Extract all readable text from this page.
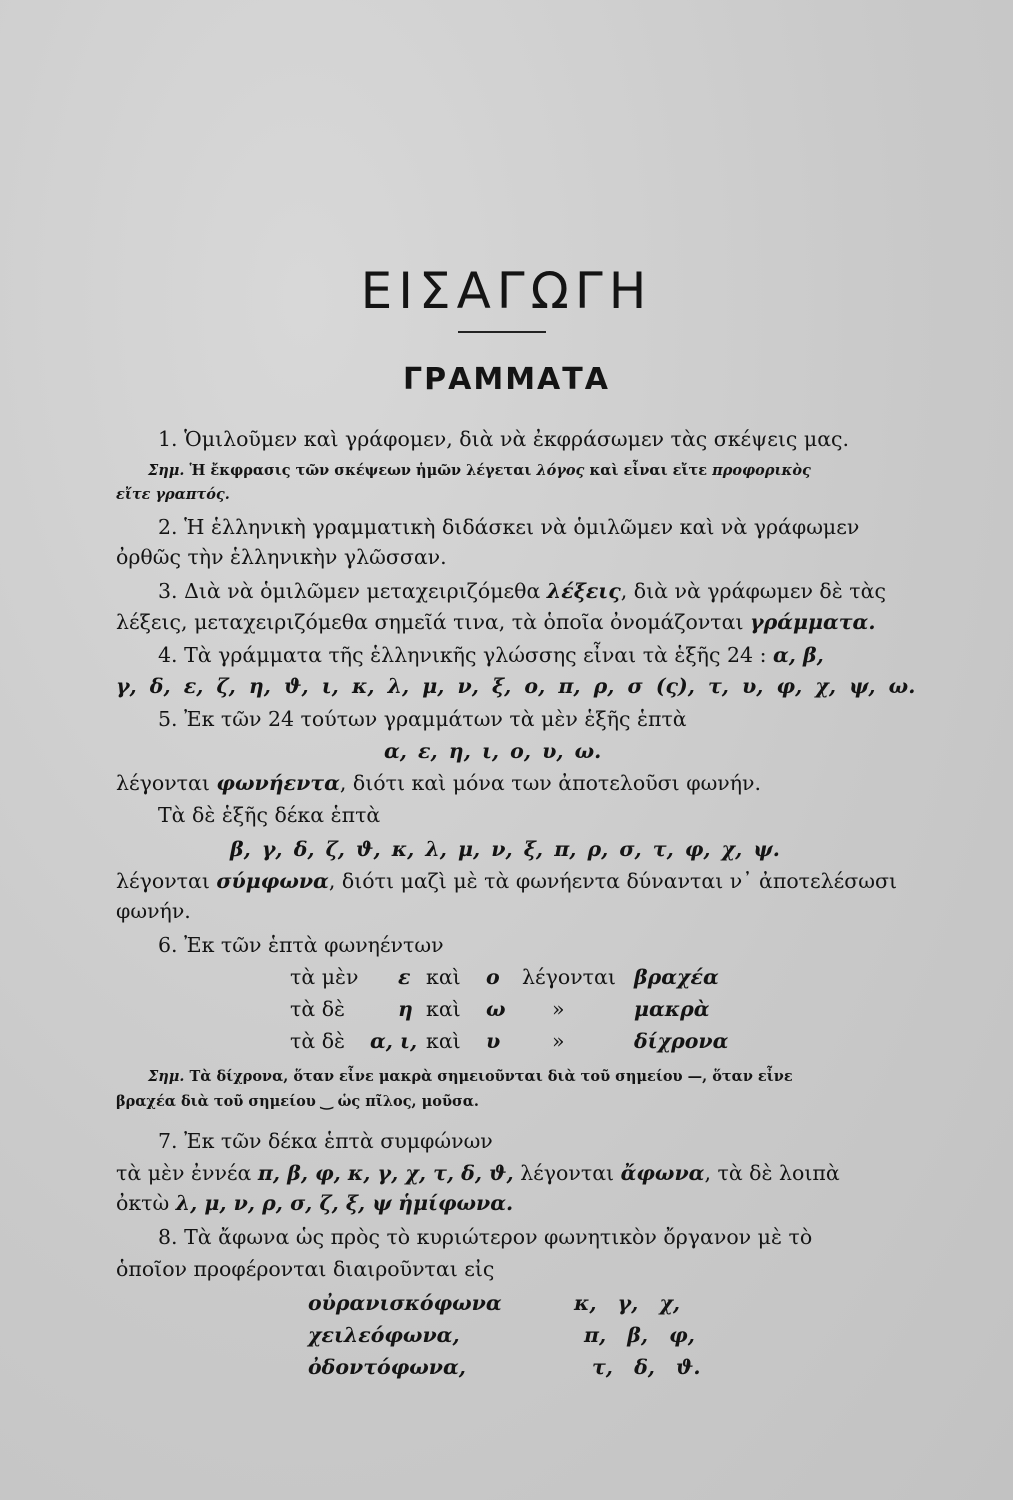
ΕΙΣΑΓΩΓΗ
ΓΡΑΜΜΑΤΑ
1. Ὁμιλοῦμεν καὶ γράφομεν, διὰ νὰ ἐκφράσωμεν τὰς σκέψεις μας.
Σημ. Ἡ ἔκφρασις τῶν σκέψεων ἡμῶν λέγεται λόγος καὶ εἶναι εἴτε προφορικὸς
εἴτε γραπτός.
2. Ἡ ἑλληνικὴ γραμματικὴ διδάσκει νὰ ὁμιλῶμεν καὶ νὰ γράφωμεν
ὀρθῶς τὴν ἑλληνικὴν γλῶσσαν.
3. Διὰ νὰ ὁμιλῶμεν μεταχειριζόμεθα λέξεις, διὰ νὰ γράφωμεν δὲ τὰς
λέξεις, μεταχειριζόμεθα σημεῖά τινα, τὰ ὁποῖα ὀνομάζονται γράμματα.
4. Τὰ γράμματα τῆς ἑλληνικῆς γλώσσης εἶναι τὰ ἑξῆς 24 : α, β,
γ, δ, ε, ζ, η, ϑ, ι, κ, λ, μ, ν, ξ, ο, π, ρ, σ (ς), τ, υ, φ, χ, ψ, ω.
5. Ἐκ τῶν 24 τούτων γραμμάτων τὰ μὲν ἑξῆς ἑπτὰ
α, ε, η, ι, ο, υ, ω.
λέγονται φωνήεντα, διότι καὶ μόνα των ἀποτελοῦσι φωνήν.
Τὰ δὲ ἑξῆς δέκα ἑπτὰ
β, γ, δ, ζ, ϑ, κ, λ, μ, ν, ξ, π, ρ, σ, τ, φ, χ, ψ.
λέγονται σύμφωνα, διότι μαζὶ μὲ τὰ φωνήεντα δύνανται ν᾽ ἀποτελέσωσι
φωνήν.
6. Ἐκ τῶν ἑπτὰ φωνηέντων
τὰ μὲν ε καὶ ο λέγονται βραχέα
τὰ δὲ	η καὶ ω »	μακρὰ
τὰ δὲ α, ι, καὶ υ	»	δίχρονα
Σημ. Τὰ δίχρονα, ὅταν εἶνε μακρὰ σημειοῦνται διὰ τοῦ σημείου —, ὅταν εἶνε
βραχέα διὰ τοῦ σημείου ‿ ὡς πῖλος, μοῦσα.
7. Ἐκ τῶν δέκα ἑπτὰ συμφώνων
τὰ μὲν ἐννέα π, β, φ, κ, γ, χ, τ, δ, ϑ, λέγονται ἄφωνα, τὰ δὲ λοιπὰ
ὀκτὼ λ, μ, ν, ρ, σ, ζ, ξ, ψ ἡμίφωνα.
8. Τὰ ἄφωνα ὡς πρὸς τὸ κυριώτερον φωνητικὸν ὄργανον μὲ τὸ
ὁποῖον προφέρονται διαιροῦνται εἰς
οὐρανισκόφωνα	κ, γ, χ,
χειλεόφωνα,	π, β, φ,
ὀδοντόφωνα,	τ, δ, ϑ.
